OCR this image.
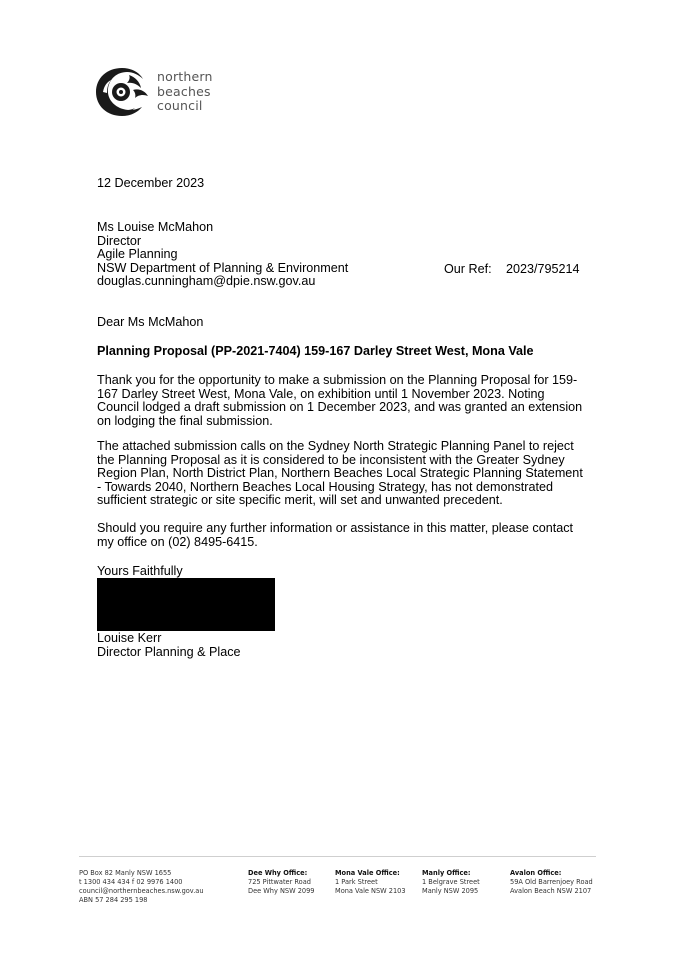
northern
beaches
council
12 December 2023
Ms Louise McMahon
Director
Agile Planning
NSW Department of Planning & Environment
douglas.cunningham@dpie.nsw.gov.au
Our Ref: 2023/795214
Dear Ms McMahon
Planning Proposal (PP-2021-7404) 159-167 Darley Street West, Mona Vale
Thank you for the opportunity to make a submission on the Planning Proposal for 159-
167 Darley Street West, Mona Vale, on exhibition until 1 November 2023. Noting
Council lodged a draft submission on 1 December 2023, and was granted an extension
on lodging the final submission.
The attached submission calls on the Sydney North Strategic Planning Panel to reject
the Planning Proposal as it is considered to be inconsistent with the Greater Sydney
Region Plan, North District Plan, Northern Beaches Local Strategic Planning Statement
- Towards 2040, Northern Beaches Local Housing Strategy, has not demonstrated
sufficient strategic or site specific merit, will set and unwanted precedent.
Should you require any further information or assistance in this matter, please contact
my office on (02) 8495-6415.
Yours Faithfully
Louise Kerr
Director Planning & Place
PO Box 82 Manly NSW 1655
t 1300 434 434 f 02 9976 1400
council@northernbeaches.nsw.gov.au
ABN 57 284 295 198
Dee Why Office:
725 Pittwater Road
Dee Why NSW 2099
Mona Vale Office:
1 Park Street
Mona Vale NSW 2103
Manly Office:
1 Belgrave Street
Manly NSW 2095
Avalon Office:
59A Old Barrenjoey Road
Avalon Beach NSW 2107
